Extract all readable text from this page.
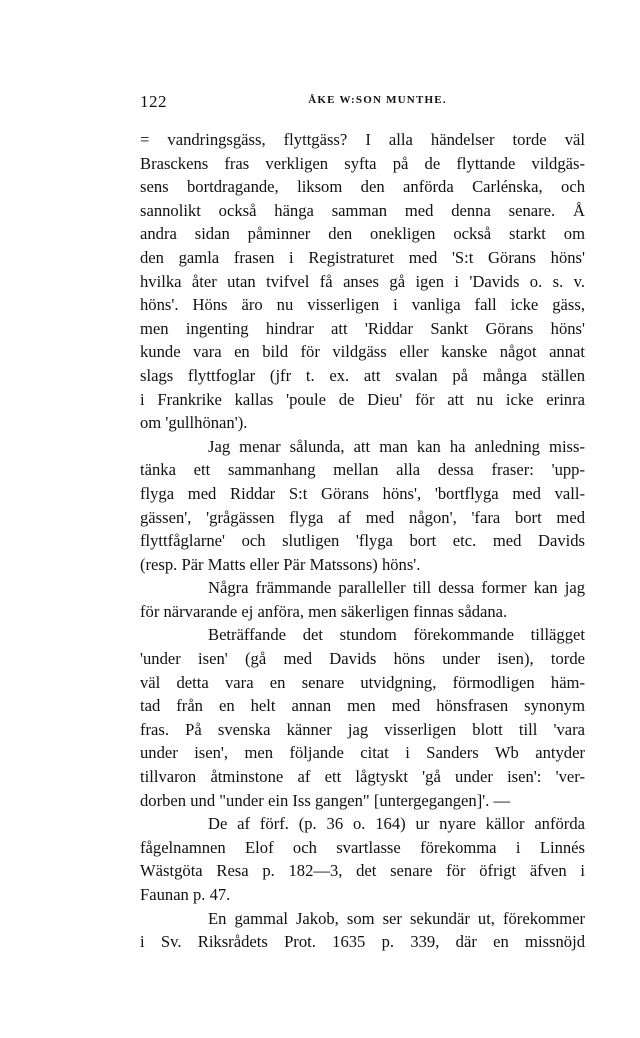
122	ÅKE W:SON MUNTHE.
= vandringsgäss, flyttgäss? I alla händelser torde väl
Brasckens fras verkligen syfta på de flyttande vildgäs-
sens bortdragande, liksom den anförda Carlénska, och
sannolikt också hänga samman med denna senare. Å
andra sidan påminner den onekligen också starkt om
den gamla frasen i Registraturet med 'S:t Görans höns'
hvilka åter utan tvifvel få anses gå igen i 'Davids o. s. v.
höns'. Höns äro nu visserligen i vanliga fall icke gäss,
men ingenting hindrar att 'Riddar Sankt Görans höns'
kunde vara en bild för vildgäss eller kanske något annat
slags flyttfoglar (jfr t. ex. att svalan på många ställen
i Frankrike kallas 'poule de Dieu' för att nu icke erinra
om 'gullhönan').
Jag menar sålunda, att man kan ha anledning miss-
tänka ett sammanhang mellan alla dessa fraser: 'upp-
flyga med Riddar S:t Görans höns', 'bortflyga med vall-
gässen', 'grågässen flyga af med någon', 'fara bort med
flyttfåglarne' och slutligen 'flyga bort etc. med Davids
(resp. Pär Matts eller Pär Matssons) höns'.
Några främmande paralleller till dessa former kan jag
för närvarande ej anföra, men säkerligen finnas sådana.
Beträffande det stundom förekommande tillägget
'under isen' (gå med Davids höns under isen), torde
väl detta vara en senare utvidgning, förmodligen häm-
tad från en helt annan men med hönsfrasen synonym
fras. På svenska känner jag visserligen blott till 'vara
under isen', men följande citat i Sanders Wb antyder
tillvaron åtminstone af ett lågtyskt 'gå under isen': 'ver-
dorben und "under ein Iss gangen" [untergegangen]'. —
De af förf. (p. 36 o. 164) ur nyare källor anförda
fågelnamnen Elof och svartlasse förekomma i Linnés
Wästgöta Resa p. 182—3, det senare för öfrigt äfven i
Faunan p. 47.
En gammal Jakob, som ser sekundär ut, förekommer
i Sv. Riksrådets Prot. 1635 p. 339, där en missnöjd
